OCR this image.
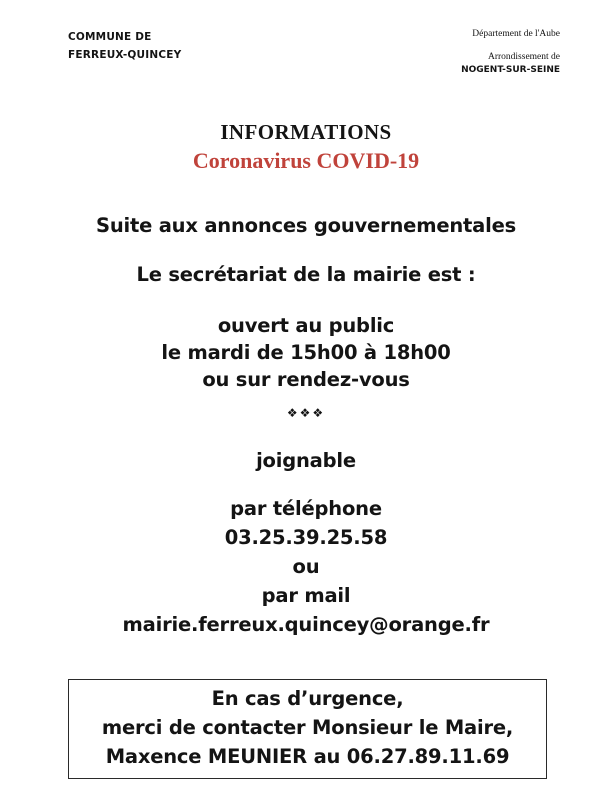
COMMUNE DE
FERREUX-QUINCEY
Département de l'Aube
Arrondissement de
NOGENT-SUR-SEINE
INFORMATIONS
Coronavirus COVID-19
Suite aux annonces gouvernementales
Le secrétariat de la mairie est :
ouvert au public
le mardi de 15h00 à 18h00
ou sur rendez-vous
❖❖❖
joignable
par téléphone
03.25.39.25.58
ou
par mail
mairie.ferreux.quincey@orange.fr
En cas d’urgence,
merci de contacter Monsieur le Maire,
Maxence MEUNIER au 06.27.89.11.69
